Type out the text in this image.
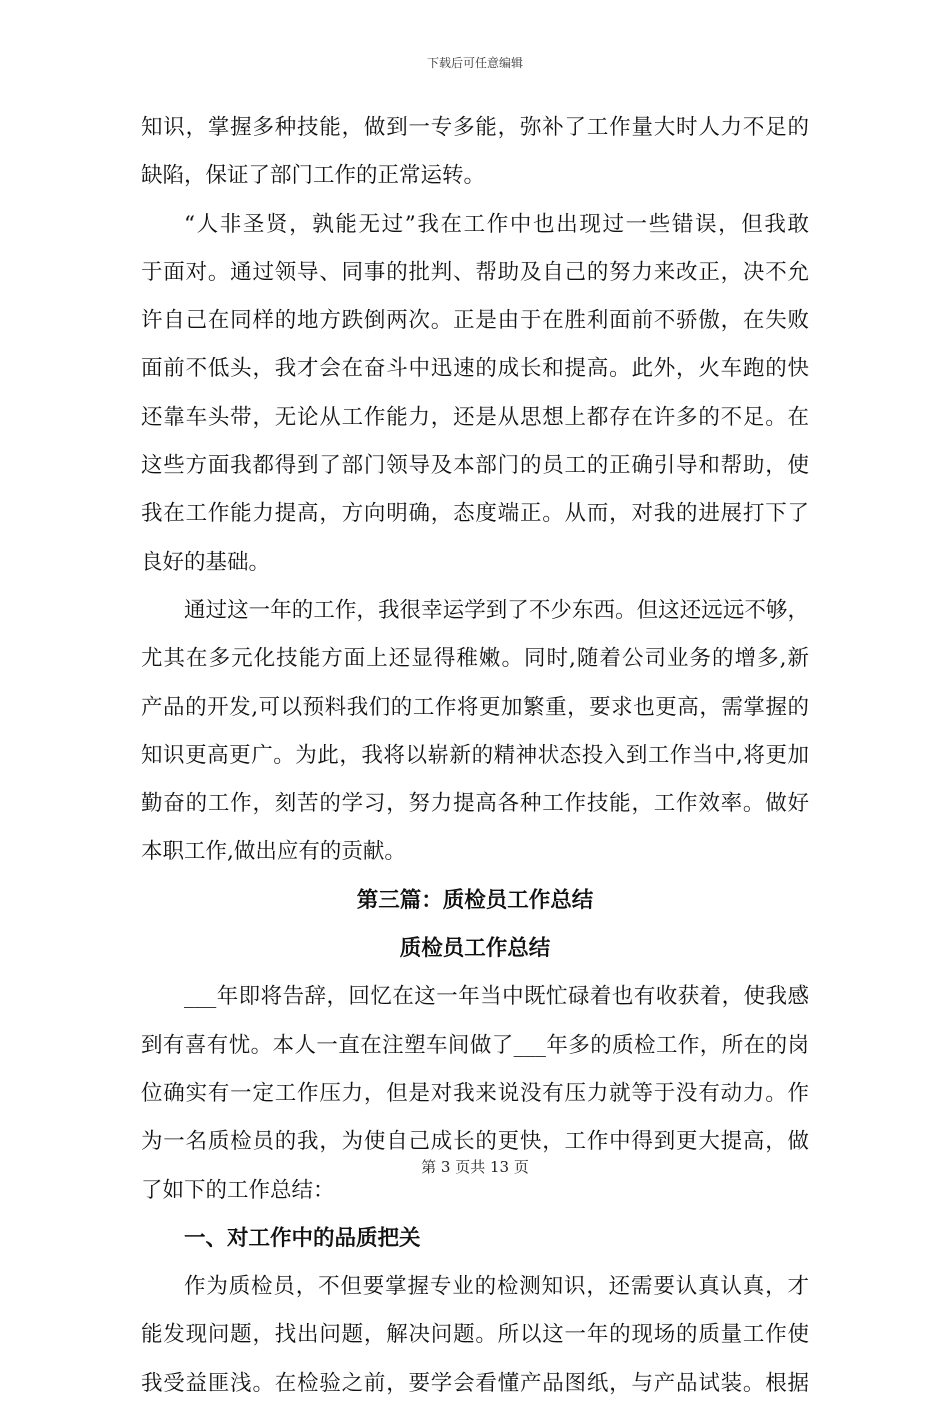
下载后可任意编辑
知识，掌握多种技能，做到一专多能，弥补了工作量大时人力不足的
缺陷，保证了部门工作的正常运转。
“人非圣贤，孰能无过”我在工作中也出现过一些错误，但我敢
于面对。通过领导、同事的批判、帮助及自己的努力来改正，决不允
许自己在同样的地方跌倒两次。正是由于在胜利面前不骄傲，在失败
面前不低头，我才会在奋斗中迅速的成长和提高。此外，火车跑的快
还靠车头带，无论从工作能力，还是从思想上都存在许多的不足。在
这些方面我都得到了部门领导及本部门的员工的正确引导和帮助，使
我在工作能力提高，方向明确，态度端正。从而，对我的进展打下了
良好的基础。
通过这一年的工作，我很幸运学到了不少东西。但这还远远不够，
尤其在多元化技能方面上还显得稚嫩。同时,随着公司业务的增多,新
产品的开发,可以预料我们的工作将更加繁重，要求也更高，需掌握的
知识更高更广。为此，我将以崭新的精神状态投入到工作当中,将更加
勤奋的工作，刻苦的学习，努力提高各种工作技能，工作效率。做好
本职工作,做出应有的贡献。
第三篇：质检员工作总结
质检员工作总结
___年即将告辞，回忆在这一年当中既忙碌着也有收获着，使我感
到有喜有忧。本人一直在注塑车间做了___年多的质检工作，所在的岗
位确实有一定工作压力，但是对我来说没有压力就等于没有动力。作
为一名质检员的我，为使自己成长的更快，工作中得到更大提高，做
了如下的工作总结：
一、对工作中的品质把关
作为质检员，不但要掌握专业的检测知识，还需要认真认真，才
能发现问题，找出问题，解决问题。所以这一年的现场的质量工作使
我受益匪浅。在检验之前，要学会看懂产品图纸，与产品试装。根据
第 3 页共 13 页
